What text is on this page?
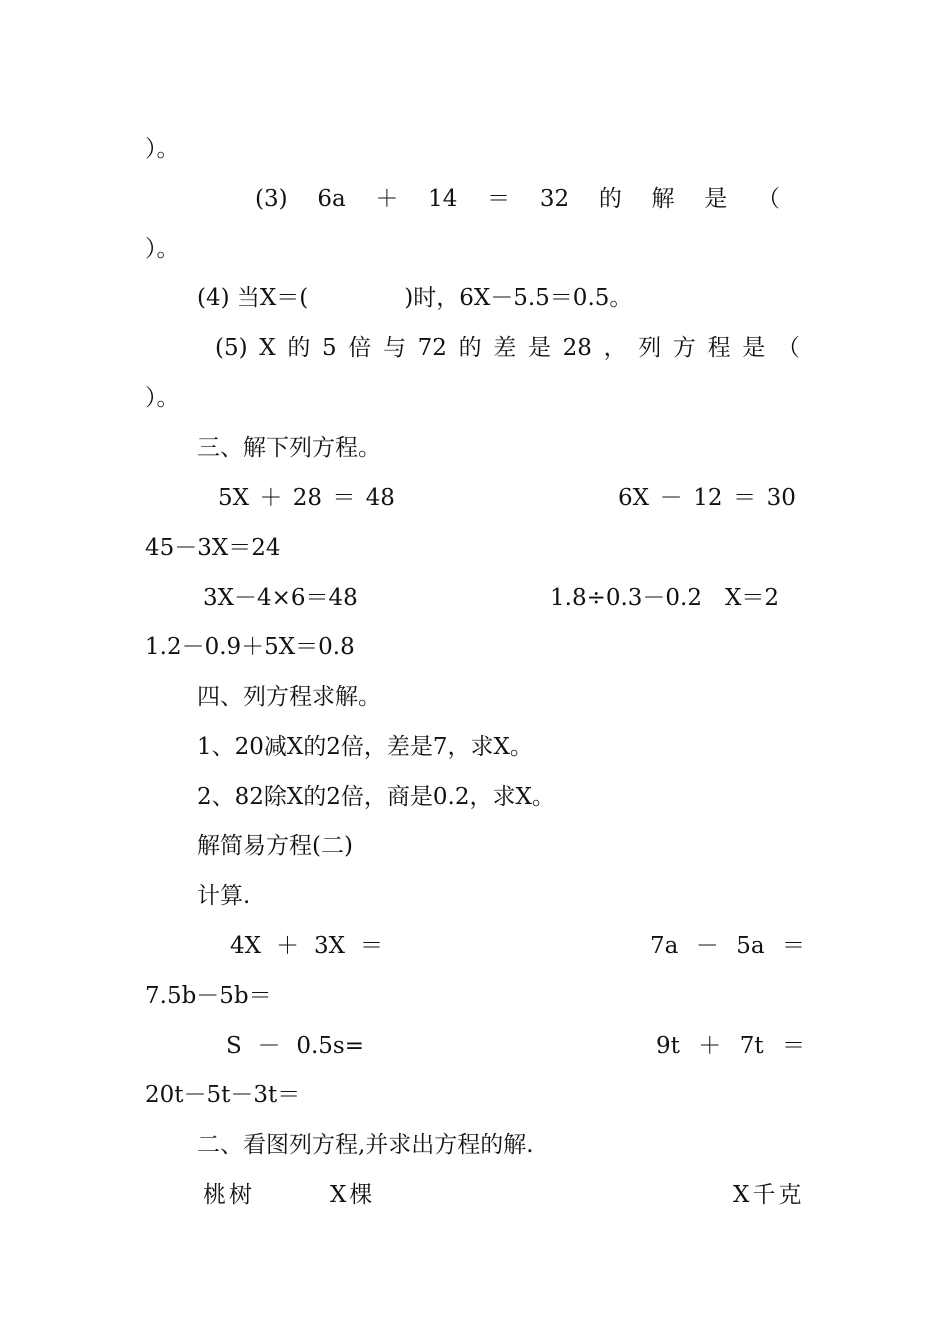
）。
(3) 6a ＋ 14 ＝ 32 的 解 是 （
）。
(4) 当X＝(	)时，6X－5.5＝0.5。
(5) X 的 5 倍 与 72 的 差 是 28 ， 列 方 程 是 （
）。
三、解下列方程。
5X ＋ 28 ＝ 48	6X － 12 ＝ 30
45－3X＝24
3X－4×6＝48	1.8÷0.3－0.2　X＝2
1.2－0.9＋5X＝0.8
四、列方程求解。
1、20减X的2倍，差是7，求X。
2、82除X的2倍，商是0.2，求X。
解简易方程(二)
计算.
4X ＋ 3X ＝	7a － 5a ＝
7.5b－5b＝
S － 0.5s=	9t ＋ 7t ＝
20t－5t－3t＝
二、看图列方程,并求出方程的解.
桃树	X棵	X千克
